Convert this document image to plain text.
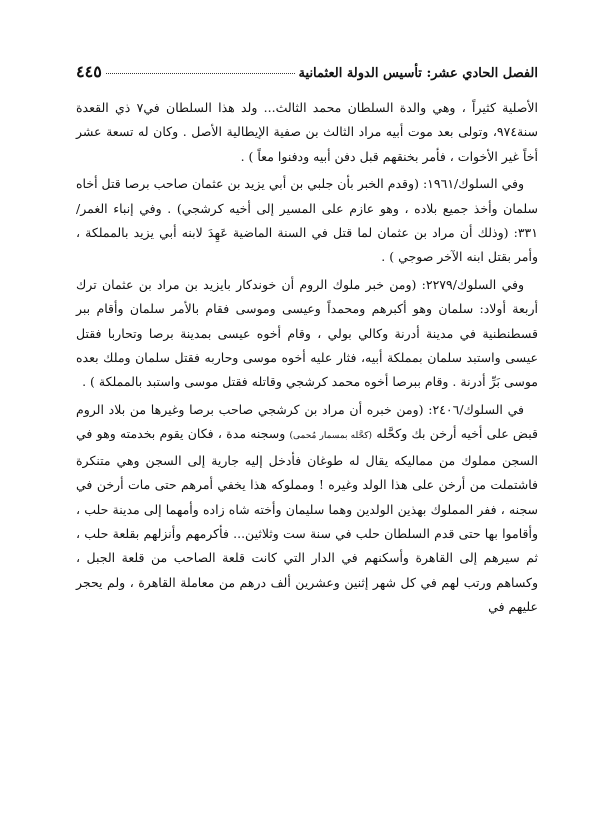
الفصل الحادي عشر: تأسيس الدولة العثمانية
٤٤٥

الأصلية كثيراً ، وهي والدة السلطان محمد الثالث... ولد هذا السلطان في٧ ذي القعدة سنة٩٧٤، وتولى بعد موت أبيه مراد الثالث بن صفية الإيطالية الأصل . وكان له تسعة عشر أخاً غير الأخوات ، فأمر بخنقهم قبل دفن أبيه ودفنوا معاً ) .

وفي السلوك/١٩٦١: (وقدم الخبر بأن جلبي بن أبي يزيد بن عثمان صاحب برصا قتل أخاه سلمان وأخذ جميع بلاده ، وهو عازم على المسير إلى أخيه كرشجي) . وفي إنباء الغمر/٣٣١: (وذلك أن مراد بن عثمان لما قتل في السنة الماضية عَهِدَ لابنه أبي يزيد بالمملكة ، وأمر بقتل ابنه الآخر صوجي ) .

وفي السلوك/٢٢٧٩: (ومن خبر ملوك الروم أن خوندكار بايزيد بن مراد بن عثمان ترك أربعة أولاد: سلمان وهو أكبرهم ومحمداً وعيسى وموسى فقام بالأمر سلمان وأقام ببر قسطنطنية في مدينة أدرنة وكالي بولي ، وقام أخوه عيسى بمدينة برصا وتحاربا فقتل عيسى واستبد سلمان بمملكة أبيه، فثار عليه أخوه موسى وحاربه فقتل سلمان وملك بعده موسى بَرِّ أدرنة . وقام ببرصا أخوه محمد كرشجي وقاتله فقتل موسى واستبد بالمملكة ) .

في السلوك/٢٤٠٦: (ومن خبره أن مراد بن كرشجي صاحب برصا وغيرها من بلاد الروم قبض على أخيه أرخن بك وكحَّله (كحَّله بمسمار مُحمى) وسجنه مدة ، فكان يقوم بخدمته وهو في السجن مملوك من مماليكه يقال له طوغان فأدخل إليه جارية إلى السجن وهي متنكرة فاشتملت من أرخن على هذا الولد وغيره ! ومملوكه هذا يخفي أمرهم حتى مات أرخن في سجنه ، ففر المملوك بهذين الولدين وهما سليمان وأخته شاه زاده وأمهما إلى مدينة حلب ، وأقاموا بها حتى قدم السلطان حلب في سنة ست وثلاثين... فأكرمهم وأنزلهم بقلعة حلب ، ثم سيرهم إلى القاهرة وأسكنهم في الدار التي كانت قلعة الصاحب من قلعة الجبل ، وكساهم ورتب لهم في كل شهر إثنين وعشرين ألف درهم من معاملة القاهرة ، ولم يحجر عليهم في
